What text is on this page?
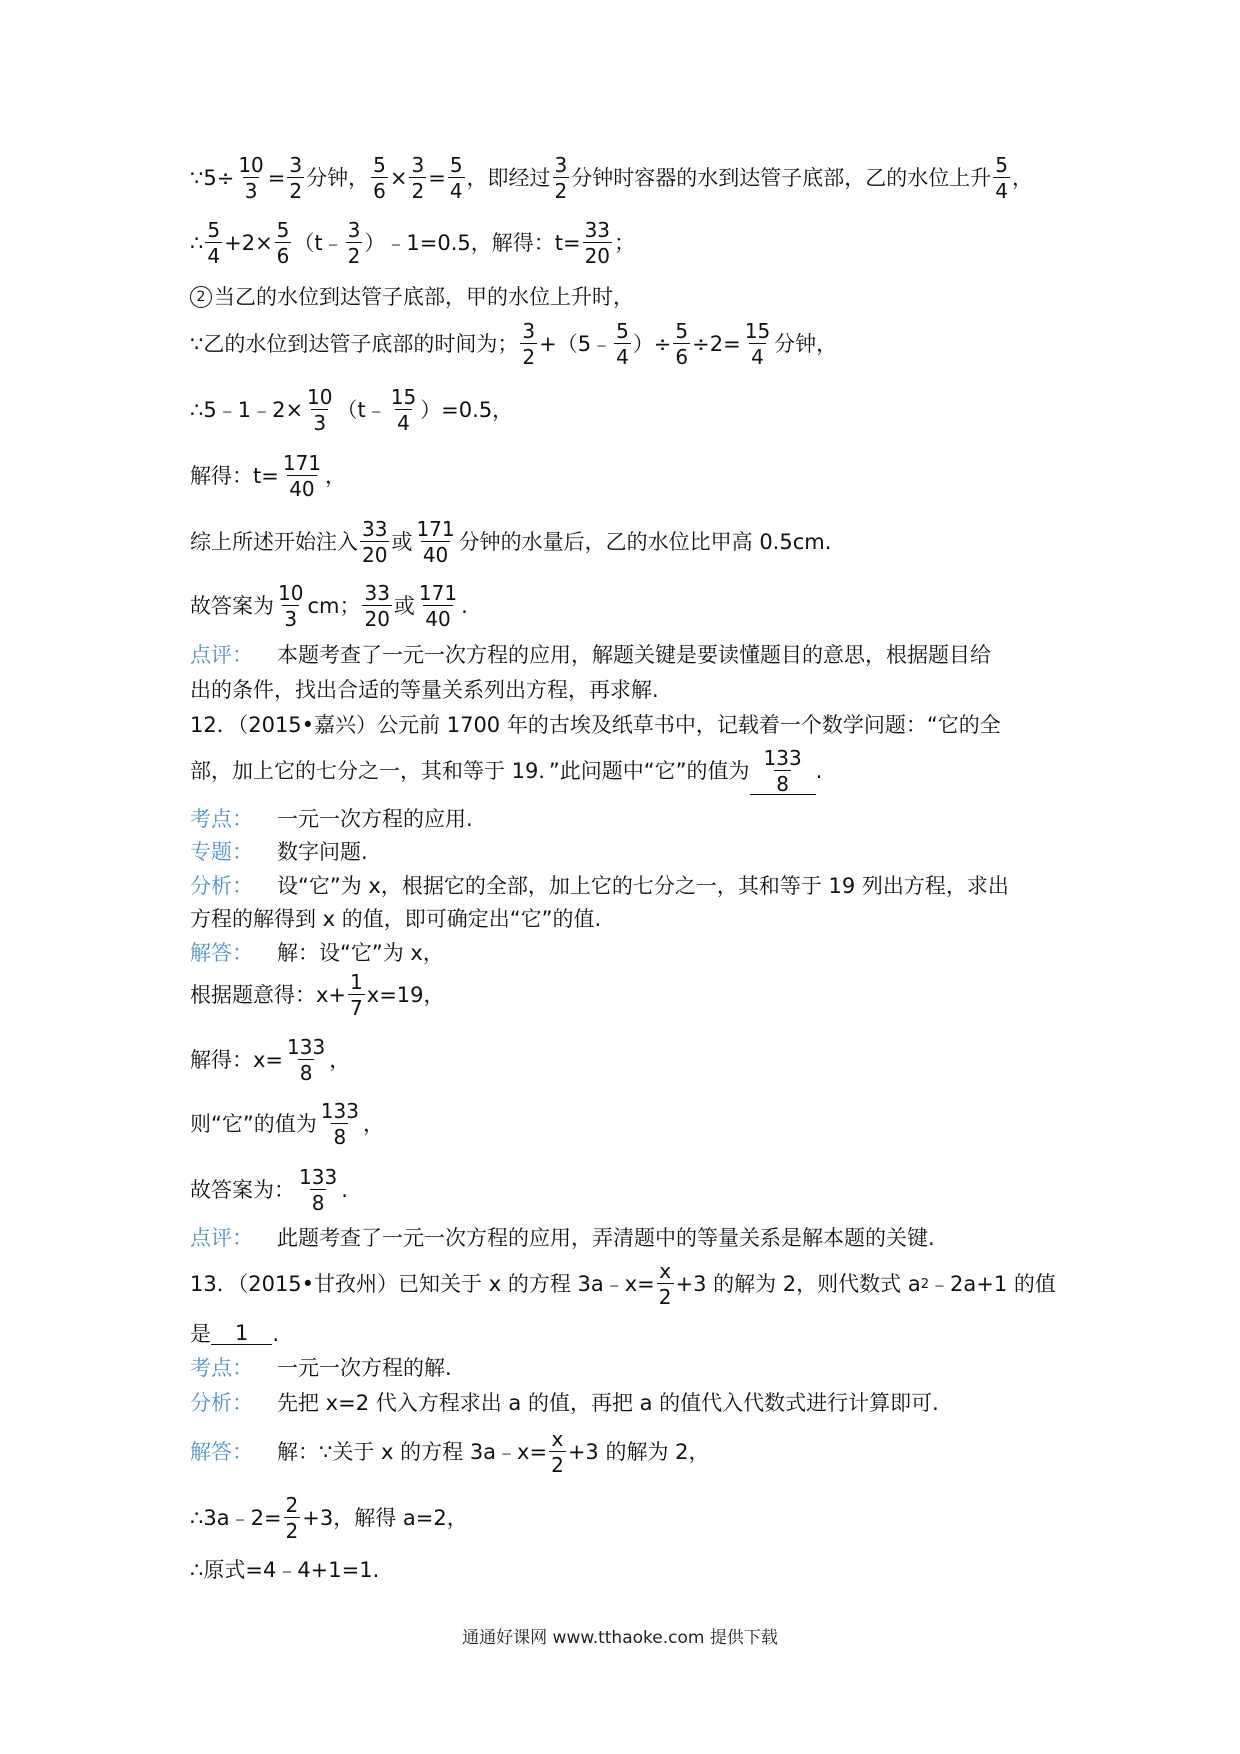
∵5÷ $\frac{10}{3} = \frac{3}{2}$ 分钟， $\frac{5}{6} \times \frac{3}{2} = \frac{5}{4}$ ，即经过
3
2
分钟时容器的水到达管子底部，乙的水位上升
5
4
，
∴
5
4
$+2\times \frac{5}{6}$ （t﹣
3
2
）﹣1=0.5，解得：$t= \frac{33}{20}$ ；
2 当乙的水位到达管子底部，甲的水位上升时，
∵乙的水位到达管子底部的时间为；
3
2
+（5﹣
5
4
）÷ $\frac{5}{6} \div 2= \frac{15}{4}$ 分钟，
∴5﹣1﹣2× $\frac{10}{3}$ （t﹣
15
4
）=0.5，
解得：$t= \frac{171}{40}$ ，
综上所述开始注入
33
20
或
171
40
分钟的水量后，乙的水位比甲高 0.5cm.
故答案为
10
3
cm；
33
20
或
171
40
.
点评： 本题考查了一元一次方程的应用，解题关键是要读懂题目的意思，根据题目给
出的条件，找出合适的等量关系列出方程，再求解.
12．（2015•嘉兴）公元前 1700 年的古埃及纸草书中，记载着一个数学问题：“它的全
部，加上它的七分之一，其和等于 19．”此问题中“它”的值为 $\frac{133}{8}$ .
考点： 一元一次方程的应用.
专题： 数字问题.
分析： 设“它”为 x，根据它的全部，加上它的七分之一，其和等于 19 列出方程，求出
方程的解得到 x 的值，即可确定出“它”的值.
解答： 解：设“它”为 x，
根据题意得：$x+ \frac{1}{7} x=19$，
解得：$x= \frac{133}{8}$ ，
则“它”的值为
133
8
，
故答案为：
133
8
.
点评： 此题考查了一元一次方程的应用，弄清题中的等量关系是解本题的关键.
13．（2015•甘孜州）已知关于 x 的方程 3a﹣x= $\frac{x}{2} +3$ 的解为 2，则代数式 a 2 ﹣2a+1 的值
是	1	.
考点： 一元一次方程的解.
分析： 先把 x=2 代入方程求出 a 的值，再把 a 的值代入代数式进行计算即可.
解答： 解：∵关于 x 的方程 3a﹣x= $\frac{x}{2} +3$ 的解为 2，
∴3a﹣2= $\frac{2}{2} +3$，解得 a=2，
∴原式=4﹣4+1=1.
通通好课网 www.tthaoke.com 提供下载
